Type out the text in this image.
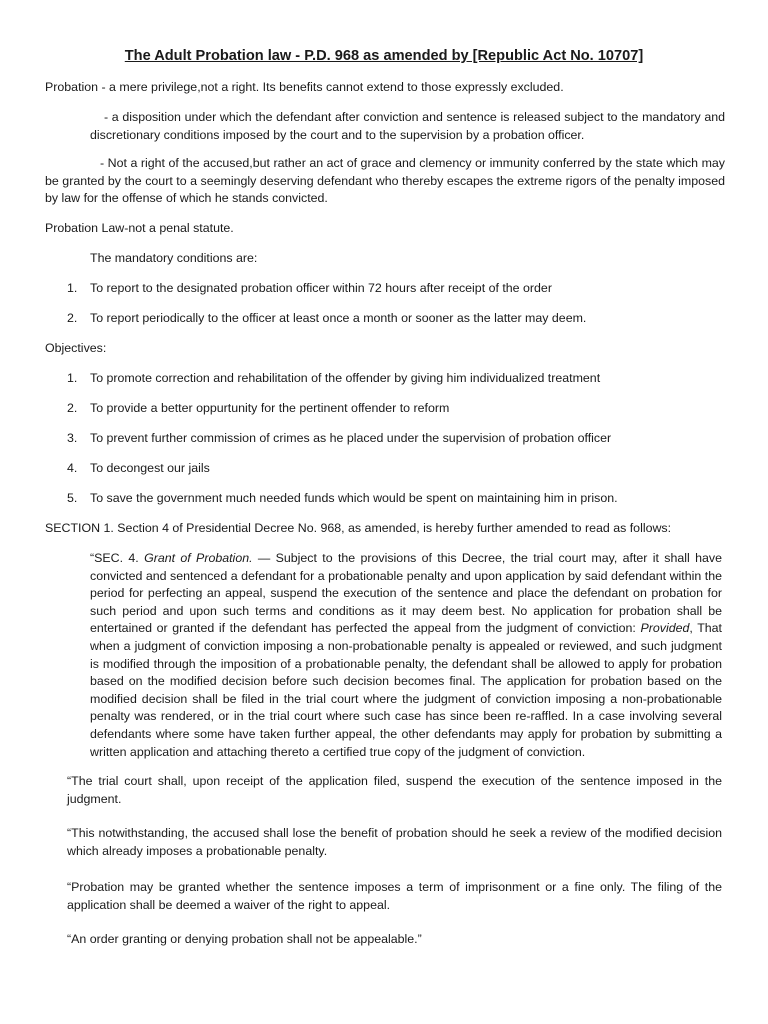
The Adult Probation law - P.D. 968 as amended by [Republic Act No. 10707]

Probation - a mere privilege,not a right. Its benefits cannot extend to those expressly excluded.

- a disposition under which the defendant after conviction and sentence is released subject to the mandatory and discretionary conditions imposed by the court and to the supervision by a probation officer.

- Not a right of the accused,but rather an act of grace and clemency or immunity conferred by the state which may be granted by the court to a seemingly deserving defendant who thereby escapes the extreme rigors of the penalty imposed by law for the offense of which he stands convicted.

Probation Law-not a penal statute.

The mandatory conditions are:

1. To report to the designated probation officer within 72 hours after receipt of the order
2. To report periodically to the officer at least once a month or sooner as the latter may deem.

Objectives:

1. To promote correction and rehabilitation of the offender by giving him individualized treatment
2. To provide a better oppurtunity for the pertinent offender to reform
3. To prevent further commission of crimes as he placed under the supervision of probation officer
4. To decongest our jails
5. To save the government much needed funds which would be spent on maintaining him in prison.

SECTION 1. Section 4 of Presidential Decree No. 968, as amended, is hereby further amended to read as follows:

“SEC. 4. Grant of Probation. — Subject to the provisions of this Decree, the trial court may, after it shall have convicted and sentenced a defendant for a probationable penalty and upon application by said defendant within the period for perfecting an appeal, suspend the execution of the sentence and place the defendant on probation for such period and upon such terms and conditions as it may deem best. No application for probation shall be entertained or granted if the defendant has perfected the appeal from the judgment of conviction: Provided, That when a judgment of conviction imposing a non-probationable penalty is appealed or reviewed, and such judgment is modified through the imposition of a probationable penalty, the defendant shall be allowed to apply for probation based on the modified decision before such decision becomes final. The application for probation based on the modified decision shall be filed in the trial court where the judgment of conviction imposing a non-probationable penalty was rendered, or in the trial court where such case has since been re-raffled. In a case involving several defendants where some have taken further appeal, the other defendants may apply for probation by submitting a written application and attaching thereto a certified true copy of the judgment of conviction.

“The trial court shall, upon receipt of the application filed, suspend the execution of the sentence imposed in the judgment.

“This notwithstanding, the accused shall lose the benefit of probation should he seek a review of the modified decision which already imposes a probationable penalty.

“Probation may be granted whether the sentence imposes a term of imprisonment or a fine only. The filing of the application shall be deemed a waiver of the right to appeal.

“An order granting or denying probation shall not be appealable.”
